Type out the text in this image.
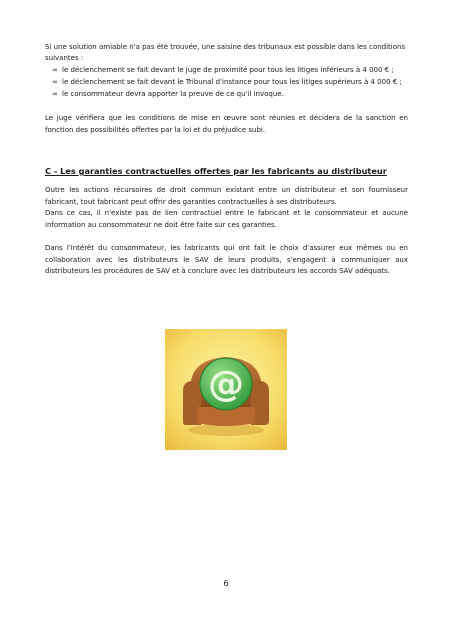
Si une solution amiable n'a pas été trouvée, une saisine des tribunaux est possible dans les conditions
suivantes :
∞ le déclenchement se fait devant le juge de proximité pour tous les litiges inférieurs à 4 000 € ;
∞ le déclenchement se fait devant le Tribunal d'instance pour tous les litiges supérieurs à 4 000 € ;
∞ le consommateur devra apporter la preuve de ce qu'il invoque.
Le juge vérifiera que les conditions de mise en œuvre sont réunies et décidera de la sanction en fonction des possibilités offertes par la loi et du préjudice subi.
C - Les garanties contractuelles offertes par les fabricants au distributeur
Outre les actions récursoires de droit commun existant entre un distributeur et son fournisseur fabricant, tout fabricant peut offrir des garanties contractuelles à ses distributeurs.
Dans ce cas, il n'existe pas de lien contractuel entre le fabricant et le consommateur et aucune information au consommateur ne doit être faite sur ces garanties.
Dans l'intérêt du consommateur, les fabricants qui ont fait le choix d'assurer eux mêmes ou en collaboration avec les distributeurs le SAV de leurs produits, s'engagent à communiquer aux distributeurs les procédures de SAV et à conclure avec les distributeurs les accords SAV adéquats.
@
6
